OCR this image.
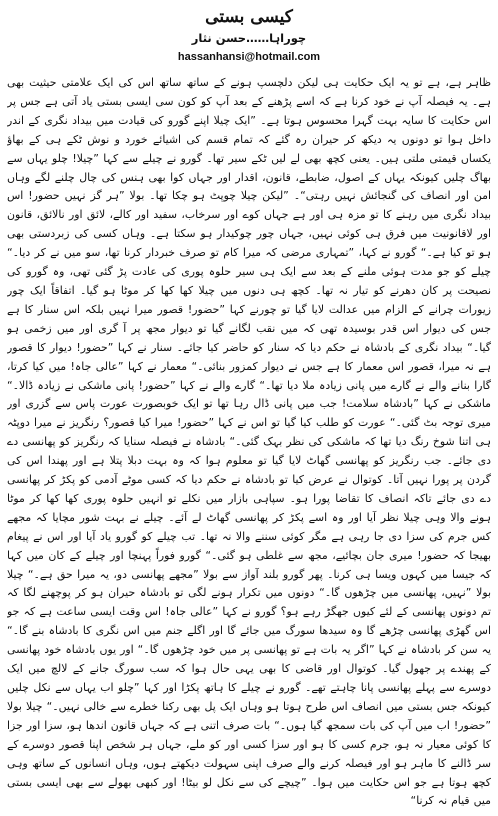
کیسی بستی
چوراہا……حسن نثار
hassanhansi@hotmail.com

ظاہر ہے، ہے تو یہ ایک حکایت ہی لیکن دلچسپ ہونے کے ساتھ ساتھ اس کی ایک علامتی حیثیت بھی ہے۔ یہ فیصلہ آپ نے خود کرنا ہے کہ اسے پڑھنے کے بعد آپ کو کون سی ایسی بستی یاد آتی ہے جس پر اس حکایت کا سایہ بہت گہرا محسوس ہوتا ہے۔ ”ایک چیلا اپنے گورو کی قیادت میں بیداد نگری کے اندر داخل ہوا تو دونوں یہ دیکھ کر حیران رہ گئے کہ تمام قسم کی اشیائے خورد و نوش ٹکے ہی کے بھاؤ یکساں قیمتی ملتی ہیں۔ یعنی کچھ بھی لے لیں ٹکے سیر تھا۔ گورو نے چیلے سے کہا ”چیلا! چلو یہاں سے بھاگ چلیں کیونکہ یہاں کے اصول، ضابطے، قانون، اقدار اور جہاں کوا بھی ہنس کی چال چلنے لگے وہاں امن اور انصاف کی گنجائش نہیں رہتی“۔ ”لیکن چیلا چوپٹ ہو چکا تھا۔ بولا ”ہر گز نہیں حضور! اس بیداد نگری میں رہنے کا تو مزہ ہی اور ہے جہاں کوے اور سرخاب، سفید اور کالے، لائق اور نالائق، قانون اور لاقانونیت میں فرق ہی کوئی نہیں، جہاں چور چوکیدار ہو سکتا ہے۔ وہاں کسی کی زبردستی بھی ہو تو کیا ہے۔“ گورو نے کہا، ”تمہاری مرضی کہ میرا کام تو صرف خبردار کرنا تھا، سو میں نے کر دیا۔“ چیلے کو جو مدت ہوئی ملنے کے بعد سے ایک ہی سیر حلوہ پوری کی عادت پڑ گئی تھی، وہ گورو کی نصیحت پر کان دھرنے کو تیار نہ تھا۔ کچھ ہی دنوں میں چیلا کھا کھا کر موٹا ہو گیا۔ اتفاقاً ایک چور زیورات چرانے کے الزام میں عدالت لایا گیا تو چورنے کہا ”حضور! قصور میرا نہیں بلکہ اس سنار کا ہے جس کی دیوار اس قدر بوسیدہ تھی کہ میں نقب لگانے گیا تو دیوار مجھ پر آ گری اور میں زخمی ہو گیا۔“ بیداد نگری کے بادشاہ نے حکم دیا کہ سنار کو حاضر کیا جائے۔ سنار نے کہا ”حضور! دیوار کا قصور ہے نہ میرا، قصور اس معمار کا ہے جس نے دیوار کمزور بنائی۔“ معمار نے کہا ”عالی جاہ! میں کیا کرتا، گارا بنانے والے نے گارے میں پانی زیادہ ملا دیا تھا۔“ گارے والے نے کہا ”حضور! پانی ماشکی نے زیادہ ڈالا۔“ ماشکی نے کہا ”بادشاہ سلامت! جب میں پانی ڈال رہا تھا تو ایک خوبصورت عورت پاس سے گزری اور میری توجہ بٹ گئی۔“ عورت کو طلب کیا گیا تو اس نے کہا ”حضور! میرا کیا قصور؟ رنگریز نے میرا دوپٹہ ہی اتنا شوخ رنگ دیا تھا کہ ماشکی کی نظر بہک گئی۔“ بادشاہ نے فیصلہ سنایا کہ رنگریز کو پھانسی دے دی جائے۔ جب رنگریز کو پھانسی گھاٹ لایا گیا تو معلوم ہوا کہ وہ بہت دبلا پتلا ہے اور پھندا اس کی گردن پر پورا نہیں آتا۔ کوتوال نے عرض کیا تو بادشاہ نے حکم دیا کہ کسی موٹے آدمی کو پکڑ کر پھانسی دے دی جائے تاکہ انصاف کا تقاضا پورا ہو۔ سپاہی بازار میں نکلے تو انہیں حلوہ پوری کھا کھا کر موٹا ہونے والا وہی چیلا نظر آیا اور وہ اسے پکڑ کر پھانسی گھاٹ لے آئے۔ چیلے نے بہت شور مچایا کہ مجھے کس جرم کی سزا دی جا رہی ہے مگر کوئی سننے والا نہ تھا۔ تب چیلے کو گورو یاد آیا اور اس نے پیغام بھیجا کہ حضور! میری جان بچائیے، مجھ سے غلطی ہو گئی۔“ گورو فوراً پہنچا اور چیلے کے کان میں کہا کہ جیسا میں کہوں ویسا ہی کرنا۔ پھر گورو بلند آواز سے بولا ”مجھے پھانسی دو، یہ میرا حق ہے۔“ چیلا بولا ”نہیں، پھانسی میں چڑھوں گا۔“ دونوں میں تکرار ہونے لگی تو بادشاہ حیران ہو کر پوچھنے لگا کہ تم دونوں پھانسی کے لئے کیوں جھگڑ رہے ہو؟ گورو نے کہا ”عالی جاہ! اس وقت ایسی ساعت ہے کہ جو اس گھڑی پھانسی چڑھے گا وہ سیدھا سورگ میں جائے گا اور اگلے جنم میں اس نگری کا بادشاہ بنے گا۔“ یہ سن کر بادشاہ نے کہا ”اگر یہ بات ہے تو پھانسی پر میں خود چڑھوں گا۔“ اور یوں بادشاہ خود پھانسی کے پھندے پر جھول گیا۔ کوتوال اور قاضی کا بھی یہی حال ہوا کہ سب سورگ جانے کے لالچ میں ایک دوسرے سے پہلے پھانسی پانا چاہتے تھے۔ گورو نے چیلے کا ہاتھ پکڑا اور کہا ”چلو اب یہاں سے نکل چلیں کیونکہ جس بستی میں انصاف اس طرح ہوتا ہو وہاں ایک پل بھی رکنا خطرے سے خالی نہیں۔“ چیلا بولا ”حضور! اب میں آپ کی بات سمجھ گیا ہوں۔“ بات صرف اتنی ہے کہ جہاں قانون اندھا ہو، سزا اور جزا کا کوئی معیار نہ ہو، جرم کسی کا ہو اور سزا کسی اور کو ملے، جہاں ہر شخص اپنا قصور دوسرے کے سر ڈالنے کا ماہر ہو اور فیصلہ کرنے والے صرف اپنی سہولت دیکھتے ہوں، وہاں انسانوں کے ساتھ وہی کچھ ہوتا ہے جو اس حکایت میں ہوا۔ ”چیچے کی سے نکل لو بیٹا! اور کبھی بھولے سے بھی ایسی بستی میں قیام نہ کرنا“
